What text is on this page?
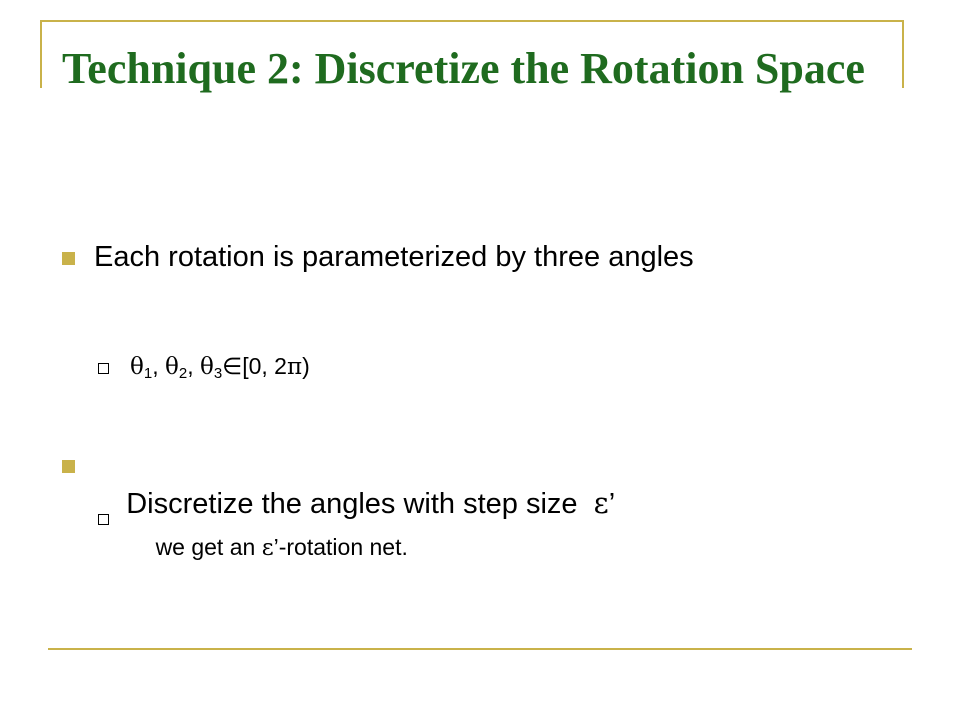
Technique 2: Discretize the Rotation Space
Each rotation is parameterized by three angles
$\theta_1$, $\theta_2$, $\theta_3\in[0$, 2π)

Discretize the angles with step size  ε’

we get an ε’-rotation net.
